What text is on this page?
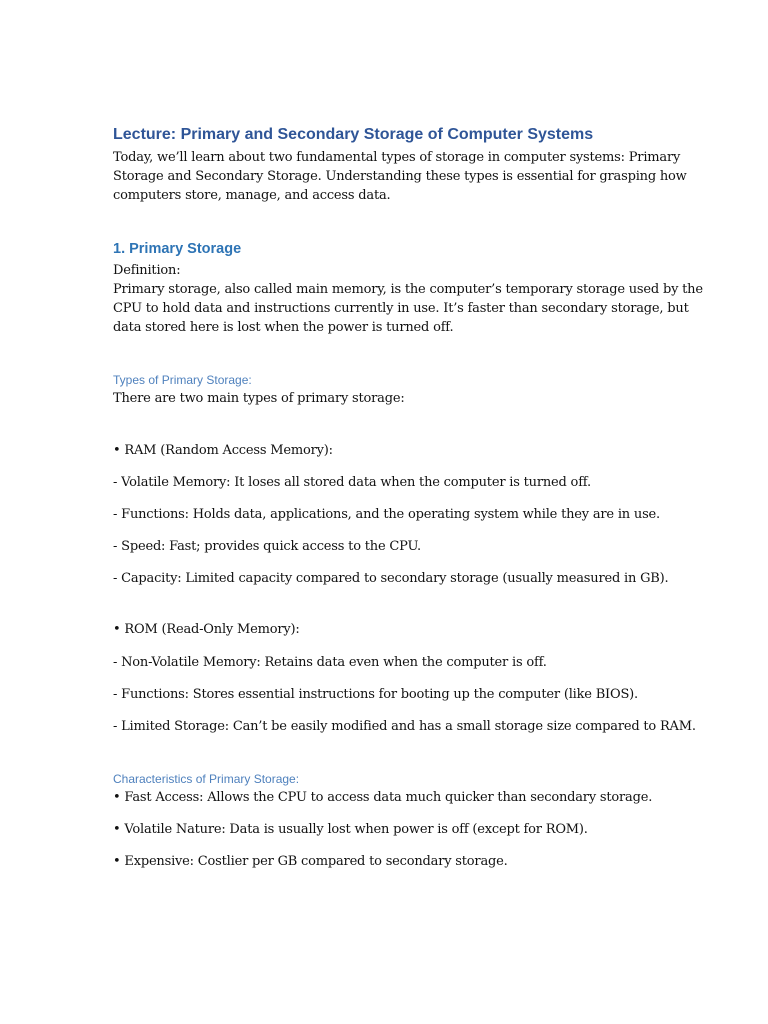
Lecture: Primary and Secondary Storage of Computer Systems
Today, we’ll learn about two fundamental types of storage in computer systems: Primary
Storage and Secondary Storage. Understanding these types is essential for grasping how
computers store, manage, and access data.
1. Primary Storage
Definition:
Primary storage, also called main memory, is the computer’s temporary storage used by the
CPU to hold data and instructions currently in use. It’s faster than secondary storage, but
data stored here is lost when the power is turned off.
Types of Primary Storage:
There are two main types of primary storage:
• RAM (Random Access Memory):
- Volatile Memory: It loses all stored data when the computer is turned off.
- Functions: Holds data, applications, and the operating system while they are in use.
- Speed: Fast; provides quick access to the CPU.
- Capacity: Limited capacity compared to secondary storage (usually measured in GB).
• ROM (Read-Only Memory):
- Non-Volatile Memory: Retains data even when the computer is off.
- Functions: Stores essential instructions for booting up the computer (like BIOS).
- Limited Storage: Can’t be easily modified and has a small storage size compared to RAM.
Characteristics of Primary Storage:
• Fast Access: Allows the CPU to access data much quicker than secondary storage.
• Volatile Nature: Data is usually lost when power is off (except for ROM).
• Expensive: Costlier per GB compared to secondary storage.
